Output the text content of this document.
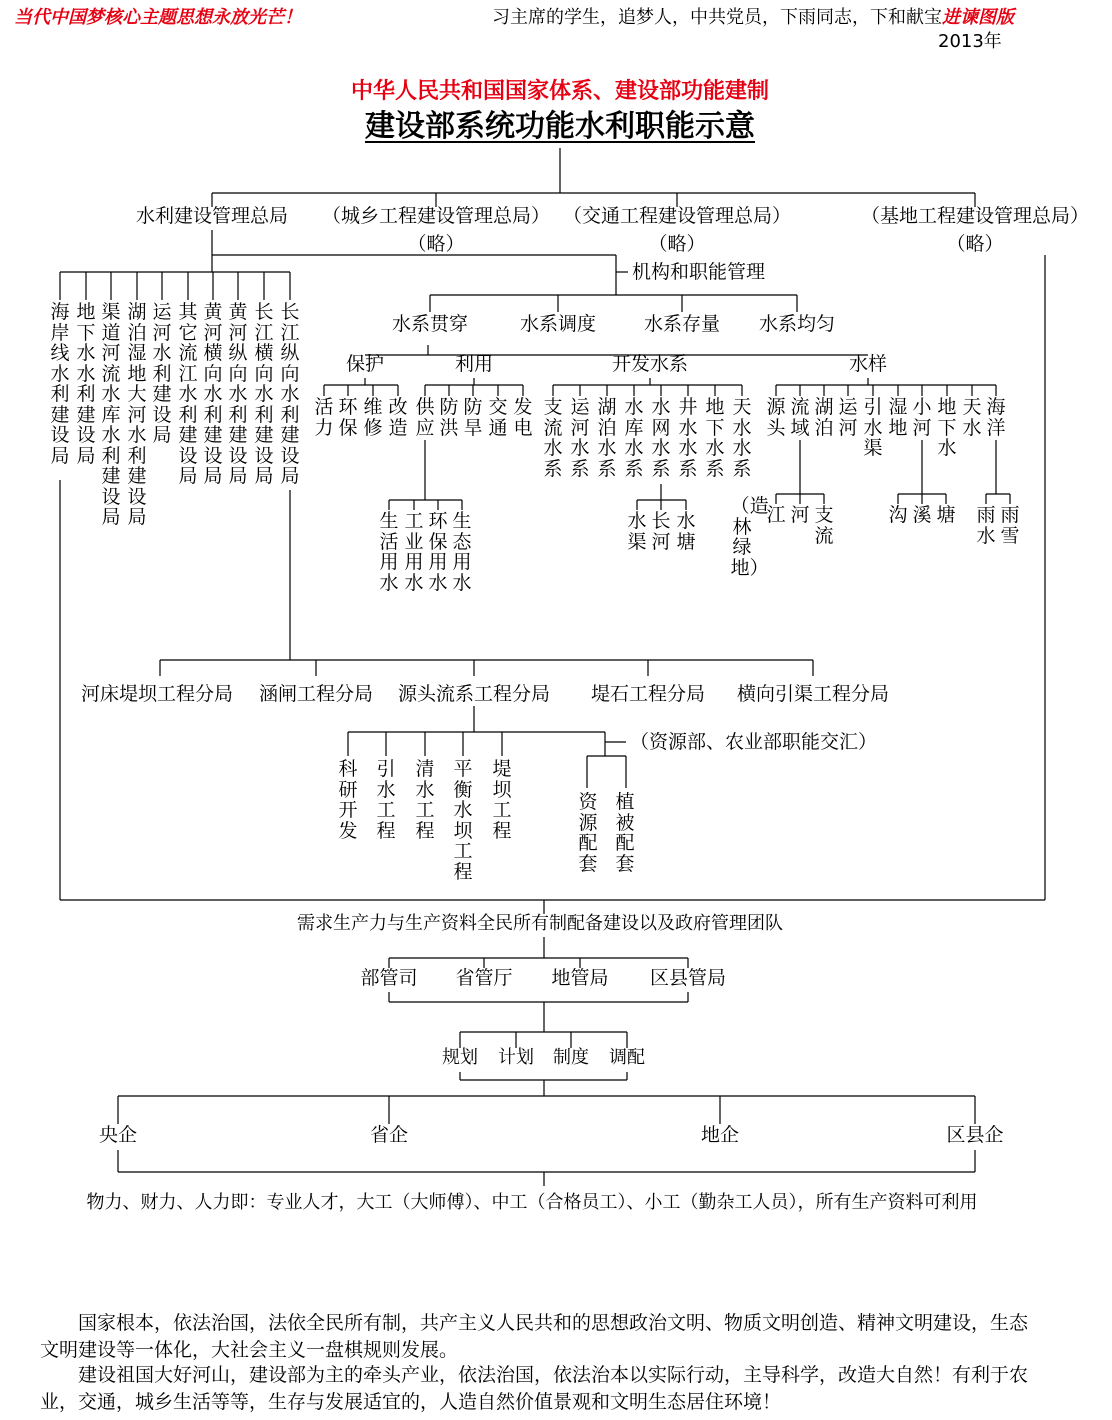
当代中国梦核心主题思想永放光芒！	习主席的学生，追梦人，中共党员，下雨同志，下和献宝进谏图版
2013年
中华人民共和国国家体系、建设部功能建制
建设部系统功能水利职能示意
水利建设管理总局 （城乡工程建设管理总局） （交通工程建设管理总局）	（基地工程建设管理总局）
（略）	（略）	（略）
海岸线水利建设局
地下水水利建设局
渠道河流水库水利建设局
湖泊湿地大河水利建设局
运河水利建设局
其它流江水利建设局
黄河横向水利建设局
黄河纵向水利建设局
长江横向水利建设局
长江纵向水利建设局
机构和职能管理
水系贯穿	水系调度	水系存量 水系均匀
保护	利用	开发水系	水样
活力
环保
维修
改造
供应
防洪
防旱
交通
发电
生活用水
工业用水
环保用水
生态用水
支流水系
运河水系
湖泊水系
水库水系
水网水系
井水水系
地下水系
天水水系
水渠
长河
水塘
（造林绿地）
源头
流域
湖泊
运河
引水渠
湿地
小河
地下水
天水
海洋
江 河 支流
沟 溪 塘 雨水
雨雪
河床堤坝工程分局 涵闸工程分局 源头流系工程分局 堤石工程分局 横向引渠工程分局
科研开发
引水工程
清水工程
平衡水坝工程
堤坝工程
（资源部、农业部职能交汇）
资源配套
植被配套
需求生产力与生产资料全民所有制配备建设以及政府管理团队
部管司 省管厅 地管局 区县管局
规划 计划 制度 调配
央企	省企	地企	区县企
物力、财力、人力即：专业人才，大工（大师傅）、中工（合格员工）、小工（勤杂工人员），所有生产资料可利用
国家根本，依法治国，法依全民所有制，共产主义人民共和的思想政治文明、物质文明创造、精神文明建设，生态文明建设等一体化，大社会主义一盘棋规则发展。
建设祖国大好河山，建设部为主的牵头产业，依法治国，依法治本以实际行动，主导科学，改造大自然！有利于农业，交通，城乡生活等等，生存与发展适宜的，人造自然价值景观和文明生态居住环境！
